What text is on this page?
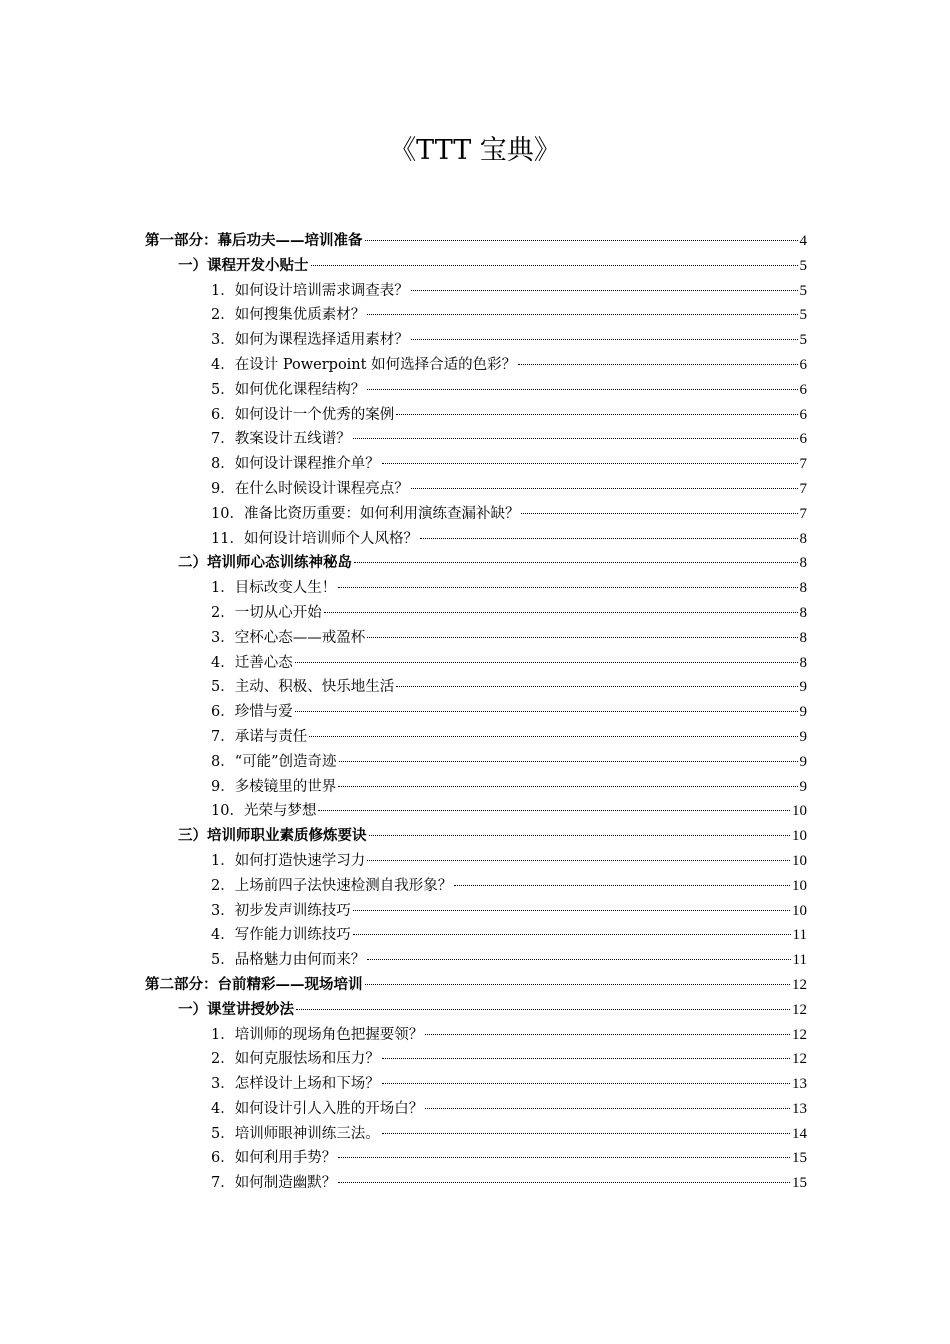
《TTT 宝典》
第一部分：幕后功夫——培训准备	4
一）课程开发小贴士	5
1．如何设计培训需求调查表？	5
2．如何搜集优质素材？	5
3．如何为课程选择适用素材？	5
4．在设计 Powerpoint 如何选择合适的色彩？	6
5．如何优化课程结构？	6
6．如何设计一个优秀的案例	6
7．教案设计五线谱？	6
8．如何设计课程推介单？	7
9．在什么时候设计课程亮点？	7
10．准备比资历重要：如何利用演练查漏补缺？	7
11．如何设计培训师个人风格？	8
二）培训师心态训练神秘岛	8
1．目标改变人生！	8
2．一切从心开始	8
3．空杯心态——戒盈杯	8
4．迁善心态	8
5．主动、积极、快乐地生活	9
6．珍惜与爱	9
7．承诺与责任	9
8．“可能”创造奇迹	9
9．多棱镜里的世界	9
10．光荣与梦想	10
三）培训师职业素质修炼要诀	10
1．如何打造快速学习力	10
2．上场前四子法快速检测自我形象？	10
3．初步发声训练技巧	10
4．写作能力训练技巧	11
5．品格魅力由何而来？	11
第二部分：台前精彩——现场培训	12
一）课堂讲授妙法	12
1．培训师的现场角色把握要领？	12
2．如何克服怯场和压力？	12
3．怎样设计上场和下场？	13
4．如何设计引人入胜的开场白？	13
5．培训师眼神训练三法。	14
6．如何利用手势？	15
7．如何制造幽默？	15
